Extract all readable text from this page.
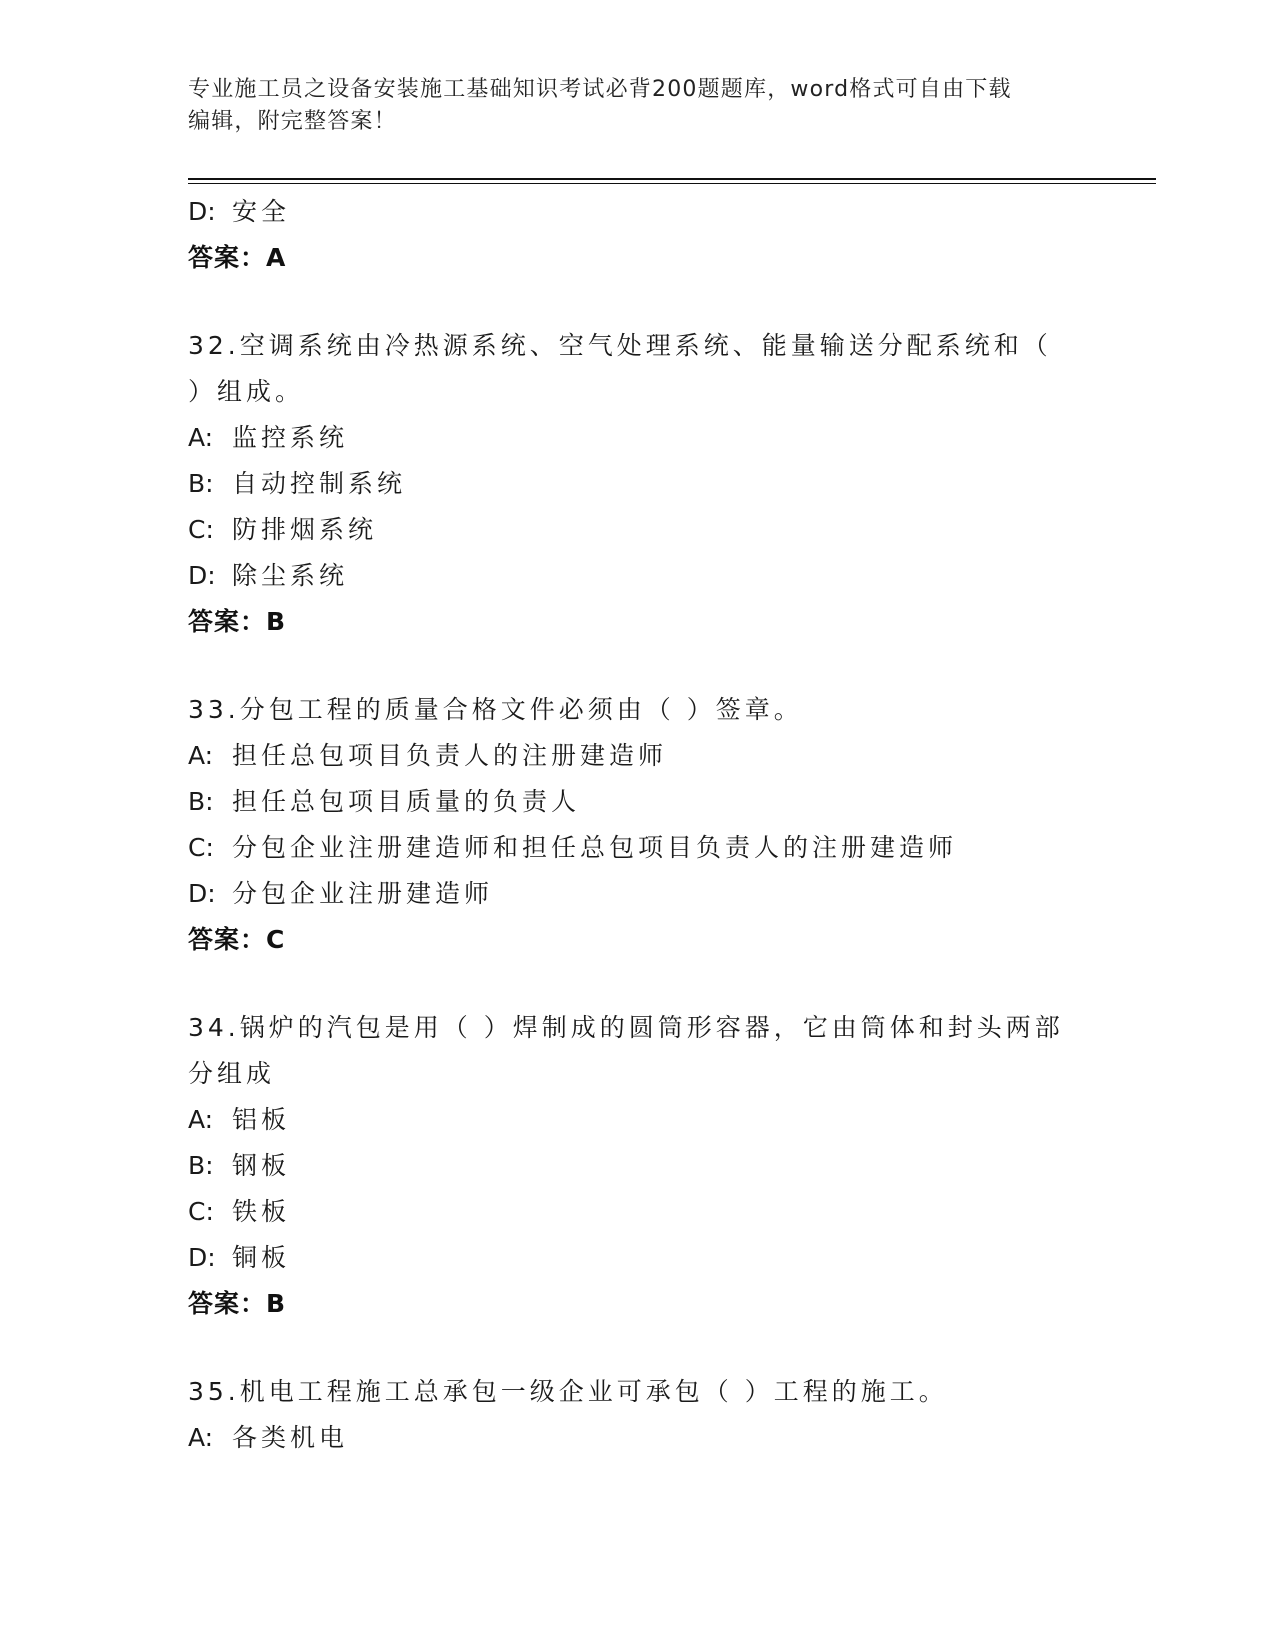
专业施工员之设备安装施工基础知识考试必背200题题库，word格式可自由下载
编辑，附完整答案！
D: 安全
答案：A
32.空调系统由冷热源系统、空气处理系统、能量输送分配系统和（
）组成。
A: 监控系统
B: 自动控制系统
C: 防排烟系统
D: 除尘系统
答案：B
33.分包工程的质量合格文件必须由（ ）签章。
A: 担任总包项目负责人的注册建造师
B: 担任总包项目质量的负责人
C: 分包企业注册建造师和担任总包项目负责人的注册建造师
D: 分包企业注册建造师
答案：C
34.锅炉的汽包是用（ ）焊制成的圆筒形容器，它由筒体和封头两部
分组成
A: 铝板
B: 钢板
C: 铁板
D: 铜板
答案：B
35.机电工程施工总承包一级企业可承包（ ）工程的施工。
A: 各类机电
